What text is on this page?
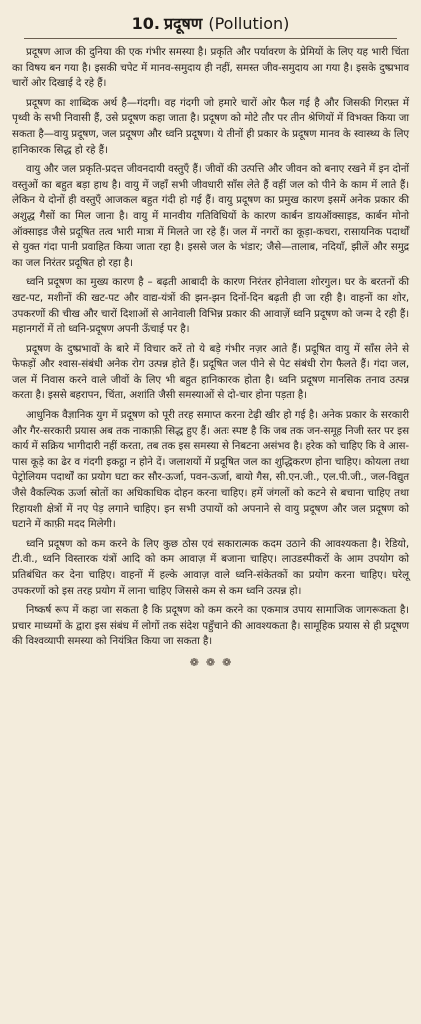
10. प्रदूषण (Pollution)

प्रदूषण आज की दुनिया की एक गंभीर समस्या है। प्रकृति और पर्यावरण के प्रेमियों के लिए यह भारी चिंता का विषय बन गया है। इसकी चपेट में मानव-समुदाय ही नहीं, समस्त जीव-समुदाय आ गया है। इसके दुष्प्रभाव चारों ओर दिखाई दे रहे हैं।

प्रदूषण का शाब्दिक अर्थ है—गंदगी। वह गंदगी जो हमारे चारों ओर फैल गई है और जिसकी गिरफ़्त में पृथ्वी के सभी निवासी हैं, उसे प्रदूषण कहा जाता है। प्रदूषण को मोटे तौर पर तीन श्रेणियों में विभक्त किया जा सकता है—वायु प्रदूषण, जल प्रदूषण और ध्वनि प्रदूषण। ये तीनों ही प्रकार के प्रदूषण मानव के स्वास्थ्य के लिए हानिकारक सिद्ध हो रहे हैं।

वायु और जल प्रकृति-प्रदत्त जीवनदायी वस्तुएँ हैं। जीवों की उत्पत्ति और जीवन को बनाए रखने में इन दोनों वस्तुओं का बहुत बड़ा हाथ है। वायु में जहाँ सभी जीवधारी साँस लेते हैं वहीं जल को पीने के काम में लाते हैं। लेकिन ये दोनों ही वस्तुएँ आजकल बहुत गंदी हो गई हैं। वायु प्रदूषण का प्रमुख कारण इसमें अनेक प्रकार की अशुद्ध गैसों का मिल जाना है। वायु में मानवीय गतिविधियों के कारण कार्बन डायऑक्साइड, कार्बन मोनो ऑक्साइड जैसे प्रदूषित तत्व भारी मात्रा में मिलते जा रहे हैं। जल में नगरों का कूड़ा-कचरा, रासायनिक पदार्थों से युक्त गंदा पानी प्रवाहित किया जाता रहा है। इससे जल के भंडार; जैसे—तालाब, नदियाँ, झीलें और समुद्र का जल निरंतर प्रदूषित हो रहा है।

ध्वनि प्रदूषण का मुख्य कारण है – बढ़ती आबादी के कारण निरंतर होनेवाला शोरगुल। घर के बरतनों की खट-पट, मशीनों की खट-पट और वाद्य-यंत्रों की झन-झन दिनों-दिन बढ़ती ही जा रही है। वाहनों का शोर, उपकरणों की चीख और चारों दिशाओं से आनेवाली विभिन्न प्रकार की आवाज़ें ध्वनि प्रदूषण को जन्म दे रही हैं। महानगरों में तो ध्वनि-प्रदूषण अपनी ऊँचाई पर है।

प्रदूषण के दुष्प्रभावों के बारे में विचार करें तो ये बड़े गंभीर नज़र आते हैं। प्रदूषित वायु में साँस लेने से फेफड़ों और श्वास-संबंधी अनेक रोग उत्पन्न होते हैं। प्रदूषित जल पीने से पेट संबंधी रोग फैलते हैं। गंदा जल, जल में निवास करने वाले जीवों के लिए भी बहुत हानिकारक होता है। ध्वनि प्रदूषण मानसिक तनाव उत्पन्न करता है। इससे बहरापन, चिंता, अशांति जैसी समस्याओं से दो-चार होना पड़ता है।

आधुनिक वैज्ञानिक युग में प्रदूषण को पूरी तरह समाप्त करना टेढ़ी खीर हो गई है। अनेक प्रकार के सरकारी और गैर-सरकारी प्रयास अब तक नाकाफ़ी सिद्ध हुए हैं। अतः स्पष्ट है कि जब तक जन-समूह निजी स्तर पर इस कार्य में सक्रिय भागीदारी नहीं करता, तब तक इस समस्या से निबटना असंभव है। हरेक को चाहिए कि वे आस-पास कूड़े का ढेर व गंदगी इकट्ठा न होने दें। जलाशयों में प्रदूषित जल का शुद्धिकरण होना चाहिए। कोयला तथा पेट्रोलियम पदार्थों का प्रयोग घटा कर सौर-ऊर्जा, पवन-ऊर्जा, बायो गैस, सी.एन.जी., एल.पी.जी., जल-विद्युत जैसे वैकल्पिक ऊर्जा स्रोतों का अधिकाधिक दोहन करना चाहिए। हमें जंगलों को कटने से बचाना चाहिए तथा रिहायशी क्षेत्रों में नए पेड़ लगाने चाहिए। इन सभी उपायों को अपनाने से वायु प्रदूषण और जल प्रदूषण को घटाने में काफ़ी मदद मिलेगी।

ध्वनि प्रदूषण को कम करने के लिए कुछ ठोस एवं सकारात्मक कदम उठाने की आवश्यकता है। रेडियो, टी.वी., ध्वनि विस्तारक यंत्रों आदि को कम आवाज़ में बजाना चाहिए। लाउडस्पीकरों के आम उपयोग को प्रतिबंधित कर देना चाहिए। वाहनों में हल्के आवाज़ वाले ध्वनि-संकेतकों का प्रयोग करना चाहिए। घरेलू उपकरणों को इस तरह प्रयोग में लाना चाहिए जिससे कम से कम ध्वनि उत्पन्न हो।

निष्कर्ष रूप में कहा जा सकता है कि प्रदूषण को कम करने का एकमात्र उपाय सामाजिक जागरूकता है। प्रचार माध्यमों के द्वारा इस संबंध में लोगों तक संदेश पहुँचाने की आवश्यकता है। सामूहिक प्रयास से ही प्रदूषण की विश्वव्यापी समस्या को नियंत्रित किया जा सकता है।

❁ ❁ ❁
